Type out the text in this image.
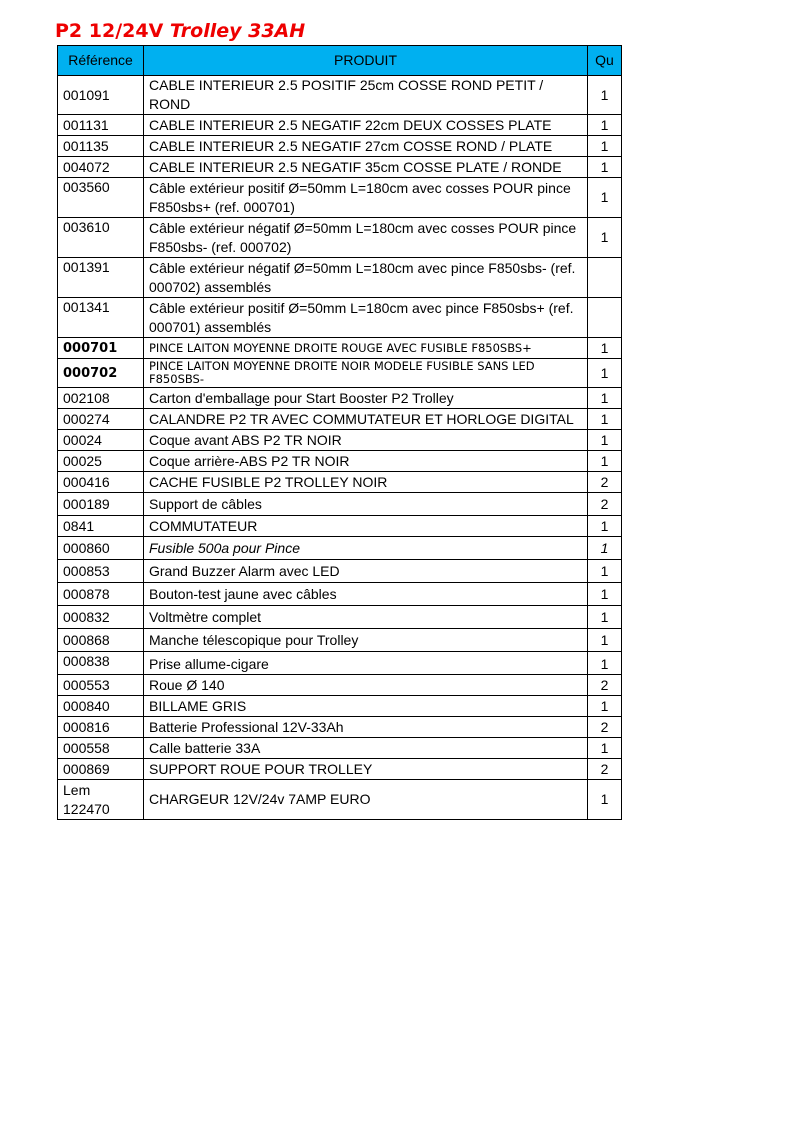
P2 12/24V Trolley 33AH
Référence	PRODUIT	Qu
001091	CABLE INTERIEUR 2.5 POSITIF 25cm COSSE ROND PETIT / ROND	1
001131	CABLE INTERIEUR 2.5 NEGATIF 22cm DEUX COSSES PLATE	1
001135	CABLE INTERIEUR 2.5 NEGATIF 27cm COSSE ROND / PLATE	1
004072	CABLE INTERIEUR 2.5 NEGATIF 35cm COSSE PLATE / RONDE	1
003560	Câble extérieur positif Ø=50mm L=180cm avec cosses POUR pince F850sbs+ (ref. 000701)	1
003610	Câble extérieur négatif Ø=50mm L=180cm avec cosses POUR pince F850sbs- (ref. 000702)	1
001391	Câble extérieur négatif Ø=50mm L=180cm avec pince F850sbs- (ref. 000702) assemblés	
001341	Câble extérieur positif Ø=50mm L=180cm avec pince F850sbs+ (ref. 000701) assemblés	
000701	PINCE LAITON MOYENNE DROITE ROUGE AVEC FUSIBLE F850SBS+	1
000702	PINCE LAITON MOYENNE DROITE NOIR MODELE FUSIBLE SANS LED F850SBS-	1
002108	Carton d'emballage pour Start Booster P2 Trolley	1
000274	CALANDRE P2 TR AVEC COMMUTATEUR ET HORLOGE DIGITAL	1
00024	Coque avant ABS P2 TR NOIR	1
00025	Coque arrière-ABS P2 TR NOIR	1
000416	CACHE FUSIBLE P2 TROLLEY NOIR	2
000189	Support de câbles	2
0841	COMMUTATEUR	1
000860	Fusible 500a pour Pince	1
000853	Grand Buzzer Alarm avec LED	1
000878	Bouton-test jaune avec câbles	1
000832	Voltmètre complet	1
000868	Manche télescopique pour Trolley	1
000838	Prise allume-cigare	1
000553	Roue Ø 140	2
000840	BILLAME GRIS	1
000816	Batterie Professional 12V-33Ah	2
000558	Calle batterie 33A	1
000869	SUPPORT ROUE POUR TROLLEY	2
Lem 122470	CHARGEUR 12V/24v 7AMP EURO	1
